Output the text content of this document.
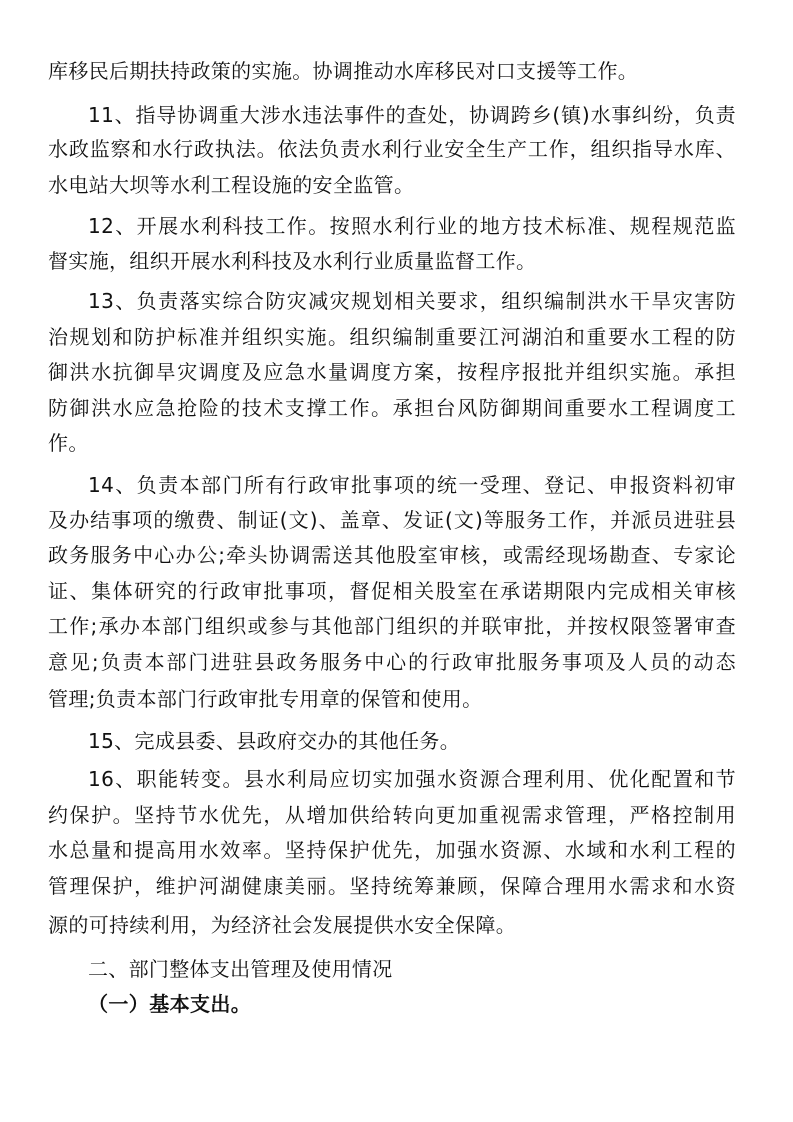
库移民后期扶持政策的实施。协调推动水库移民对口支援等工作。
11、指导协调重大涉水违法事件的查处，协调跨乡(镇)水事纠纷，负责
水政监察和水行政执法。依法负责水利行业安全生产工作，组织指导水库、
水电站大坝等水利工程设施的安全监管。
12、开展水利科技工作。按照水利行业的地方技术标准、规程规范监
督实施，组织开展水利科技及水利行业质量监督工作。
13、负责落实综合防灾减灾规划相关要求，组织编制洪水干旱灾害防
治规划和防护标准并组织实施。组织编制重要江河湖泊和重要水工程的防
御洪水抗御旱灾调度及应急水量调度方案，按程序报批并组织实施。承担
防御洪水应急抢险的技术支撑工作。承担台风防御期间重要水工程调度工
作。
14、负责本部门所有行政审批事项的统一受理、登记、申报资料初审
及办结事项的缴费、制证(文)、盖章、发证(文)等服务工作，并派员进驻县
政务服务中心办公;牵头协调需送其他股室审核，或需经现场勘查、专家论
证、集体研究的行政审批事项，督促相关股室在承诺期限内完成相关审核
工作;承办本部门组织或参与其他部门组织的并联审批，并按权限签署审查
意见;负责本部门进驻县政务服务中心的行政审批服务事项及人员的动态
管理;负责本部门行政审批专用章的保管和使用。
15、完成县委、县政府交办的其他任务。
16、职能转变。县水利局应切实加强水资源合理利用、优化配置和节
约保护。坚持节水优先，从增加供给转向更加重视需求管理，严格控制用
水总量和提高用水效率。坚持保护优先，加强水资源、水域和水利工程的
管理保护，维护河湖健康美丽。坚持统筹兼顾，保障合理用水需求和水资
源的可持续利用，为经济社会发展提供水安全保障。
二、部门整体支出管理及使用情况
（一）基本支出。
